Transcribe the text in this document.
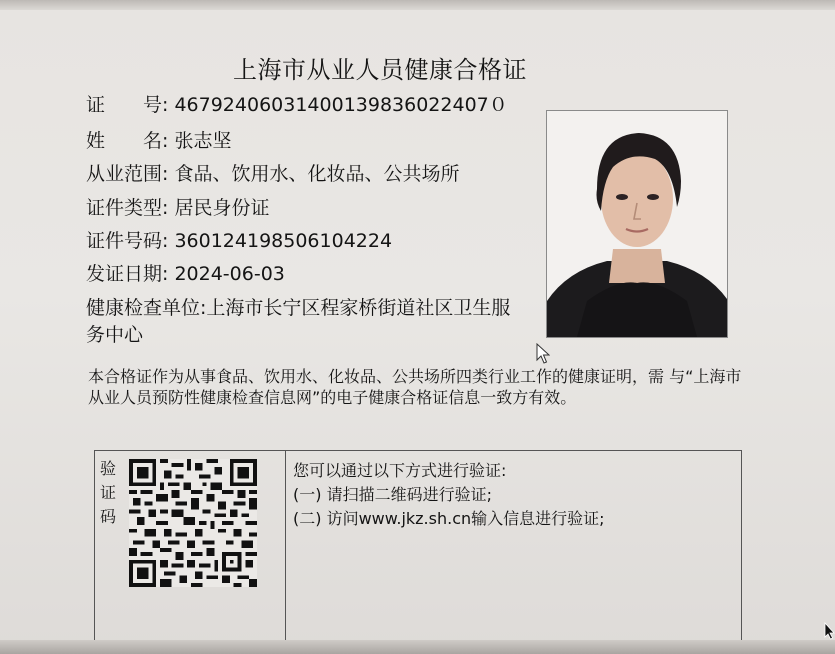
上海市从业人员健康合格证
证　　号: 46792406031400139836022407０
姓　　名: 张志坚
从业范围: 食品、饮用水、化妆品、公共场所
证件类型: 居民身份证
证件号码: 360124198506104224
发证日期: 2024-06-03
健康检查单位:上海市长宁区程家桥街道社区卫生服务中心
本合格证作为从事食品、饮用水、化妆品、公共场所四类行业工作的健康证明，需 与“上海市从业人员预防性健康检查信息网”的电子健康合格证信息一致方有效。
验
证
码
您可以通过以下方式进行验证:
(一) 请扫描二维码进行验证;
(二) 访问www.jkz.sh.cn输入信息进行验证;
